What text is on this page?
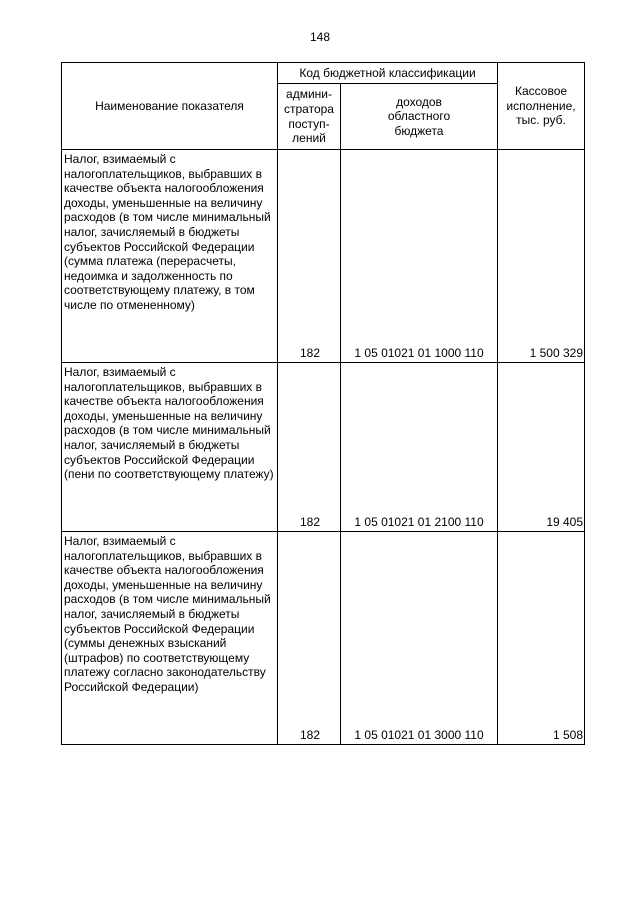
148
Наименование показателя	Код бюджетной классификации		Кассовое исполнение, тыс. руб.
	админи-
стратора
поступ-
лений	доходов
областного
бюджета	
Налог, взимаемый с налогоплательщиков, выбравших в качестве объекта налогообложения доходы, уменьшенные на величину расходов (в том числе минимальный налог, зачисляемый в бюджеты субъектов Российской Федерации (сумма платежа (перерасчеты, недоимка и задолженность по соответствующему платежу, в том числе по отмененному)	182	1 05 01021 01 1000 110	1 500 329
Налог, взимаемый с налогоплательщиков, выбравших в качестве объекта налогообложения доходы, уменьшенные на величину расходов (в том числе минимальный налог, зачисляемый в бюджеты субъектов Российской Федерации (пени по соответствующему платежу)	182	1 05 01021 01 2100 110	19 405
Налог, взимаемый с налогоплательщиков, выбравших в качестве объекта налогообложения доходы, уменьшенные на величину расходов (в том числе минимальный налог, зачисляемый в бюджеты субъектов Российской Федерации (суммы денежных взысканий (штрафов) по соответствующему платежу согласно законодательству Российской Федерации)	182	1 05 01021 01 3000 110	1 508
